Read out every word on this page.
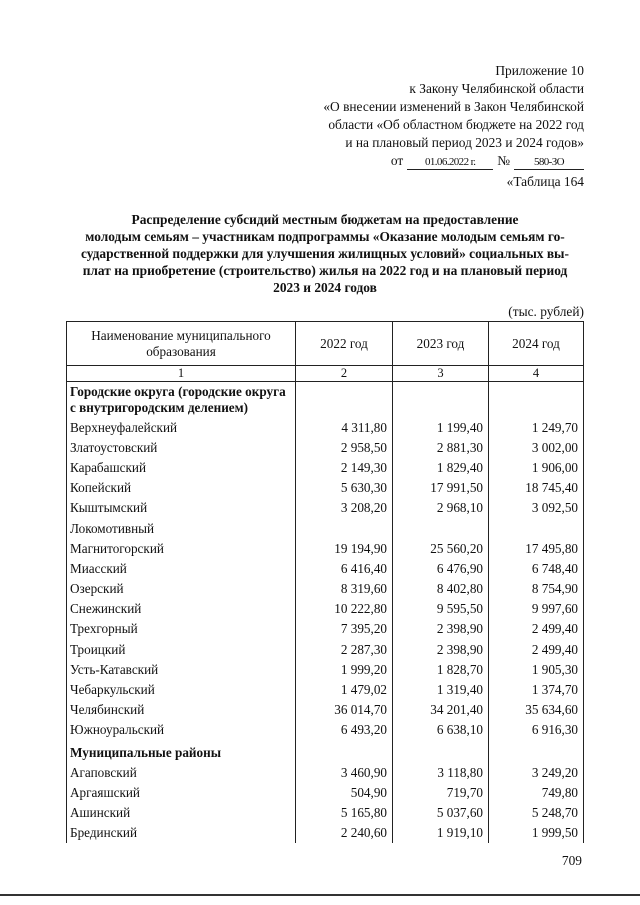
Приложение 10
к Закону Челябинской области
«О внесении изменений в Закон Челябинской
области «Об областном бюджете на 2022 год
и на плановый период 2023 и 2024 годов»
от	01.06.2022 г.	№	580-ЗО
«Таблица 164
Распределение субсидий местным бюджетам на предоставление
молодым семьям – участникам подпрограммы «Оказание молодым семьям го-
сударственной поддержки для улучшения жилищных условий» социальных вы-
плат на приобретение (строительство) жилья на 2022 год и на плановый период
2023 и 2024 годов
(тыс. рублей)
Наименование муниципального образования	2022 год	2023 год	2024 год
1	2	3	4
Городские округа (городские округа с внутригородским делением)			
Верхнеуфалейский	4 311,80	1 199,40	1 249,70
Златоустовский	2 958,50	2 881,30	3 002,00
Карабашский	2 149,30	1 829,40	1 906,00
Копейский	5 630,30	17 991,50	18 745,40
Кыштымский	3 208,20	2 968,10	3 092,50
Локомотивный			
Магнитогорский	19 194,90	25 560,20	17 495,80
Миасский	6 416,40	6 476,90	6 748,40
Озерский	8 319,60	8 402,80	8 754,90
Снежинский	10 222,80	9 595,50	9 997,60
Трехгорный	7 395,20	2 398,90	2 499,40
Троицкий	2 287,30	2 398,90	2 499,40
Усть-Катавский	1 999,20	1 828,70	1 905,30
Чебаркульский	1 479,02	1 319,40	1 374,70
Челябинский	36 014,70	34 201,40	35 634,60
Южноуральский	6 493,20	6 638,10	6 916,30
Муниципальные районы			
Агаповский	3 460,90	3 118,80	3 249,20
Аргаяшский	504,90	719,70	749,80
Ашинский	5 165,80	5 037,60	5 248,70
Брединский	2 240,60	1 919,10	1 999,50
709
